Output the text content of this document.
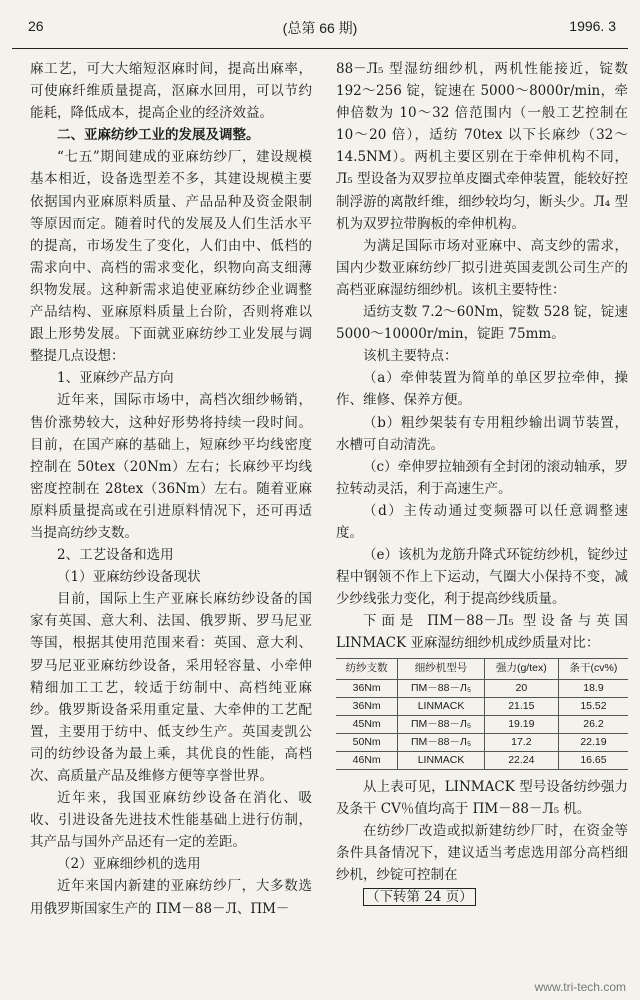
26	(总第 66 期)	1996. 3

麻工艺，可大大缩短沤麻时间，提高出麻率，可使麻纤维质量提高，沤麻水回用，可以节约能耗，降低成本，提高企业的经济效益。

二、亚麻纺纱工业的发展及调整。

“七五”期间建成的亚麻纺纱厂，建设规模基本相近，设备选型差不多，其建设规模主要依据国内亚麻原料质量、产品品种及资金限制等原因而定。随着时代的发展及人们生活水平的提高，市场发生了变化，人们由中、低档的需求向中、高档的需求变化，织物向高支细薄织物发展。这种新需求追使亚麻纺纱企业调整产品结构、亚麻原料质量上台阶，否则将难以跟上形势发展。下面就亚麻纺纱工业发展与调整提几点设想：

1、亚麻纱产品方向

近年来，国际市场中，高档次细纱畅销，售价涨势较大，这种好形势将持续一段时间。目前，在国产麻的基础上，短麻纱平均线密度控制在 50tex（20Nm）左右；长麻纱平均线密度控制在 28tex（36Nm）左右。随着亚麻原料质量提高或在引进原料情况下，还可再适当提高纺纱支数。

2、工艺设备和选用

（1）亚麻纺纱设备现状

目前，国际上生产亚麻长麻纺纱设备的国家有英国、意大利、法国、俄罗斯、罗马尼亚等国，根据其使用范围来看：英国、意大利、罗马尼亚亚麻纺纱设备，采用轻容量、小牵伸精细加工工艺，较适于纺制中、高档纯亚麻纱。俄罗斯设备采用重定量、大牵伸的工艺配置，主要用于纺中、低支纱生产。英国麦凯公司的纺纱设备为最上乘，其优良的性能，高档次、高质量产品及维修方便等享誉世界。

近年来，我国亚麻纺纱设备在消化、吸收、引进设备先进技术性能基础上进行仿制，其产品与国外产品还有一定的差距。

（2）亚麻细纱机的选用

近年来国内新建的亚麻纺纱厂，大多数选用俄罗斯国家生产的 ПМ－88－Л、ПМ－

88－Л₅ 型湿纺细纱机，两机性能接近，锭数 192～256 锭，锭速在 5000～8000r/min，牵伸倍数为 10～32 倍范围内（一般工艺控制在 10～20 倍），适纺 70tex 以下长麻纱（32～14.5NM）。两机主要区别在于牵伸机构不同，Л₅ 型设备为双罗拉单皮圈式牵伸装置，能较好控制浮游的离散纤维，细纱较均匀，断头少。Л₄ 型机为双罗拉带胸板的牵伸机构。

为满足国际市场对亚麻中、高支纱的需求，国内少数亚麻纺纱厂拟引进英国麦凯公司生产的高档亚麻湿纺细纱机。该机主要特性：

适纺支数 7.2～60Nm，锭数 528 锭，锭速 5000～10000r/min，锭距 75mm。

该机主要特点：

（a）牵伸装置为简单的单区罗拉牵伸，操作、维修、保养方便。

（b）粗纱架装有专用粗纱输出调节装置，水槽可自动清洗。

（c）牵伸罗拉轴颈有全封闭的滚动轴承，罗拉转动灵活，利于高速生产。

（d）主传动通过变频器可以任意调整速度。

（e）该机为龙筋升降式环锭纺纱机，锭纱过程中钢领不作上下运动，气圈大小保持不变，减少纱线张力变化，利于提高纱线质量。

下面是 ПМ－88－Л₅ 型设备与英国 LINMACK 亚麻湿纺细纱机成纱质量对比：

纺纱支数	细纱机型号	强力(g/tex)	条干(cv%)
36Nm	ПМ－88－Л₅	20	18.9
36Nm	LINMACK	21.15	15.52
45Nm	ПМ－88－Л₅	19.19	26.2
50Nm	ПМ－88－Л₅	17.2	22.19
46Nm	LINMACK	22.24	16.65

从上表可见，LINMACK 型号设备纺纱强力及条干 CV％值均高于 ПМ－88－Л₅ 机。

在纺纱厂改造或拟新建纺纱厂时，在资金等条件具备情况下，建议适当考虑选用部分高档细纱机，纱锭可控制在

（下转第 24 页）

www.tri-tech.com
